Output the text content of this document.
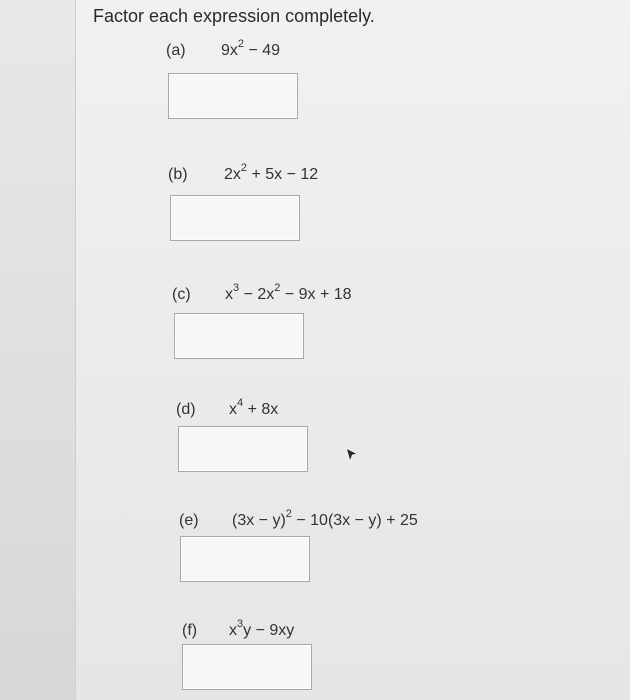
Factor each expression completely.
(a) $9x^2 - 49$
(b) $2x^2 + 5x - 12$
(c) $x^3 - 2x^2 - 9x + 18$
(d) $x^4 + 8x$
(e) $(3x - y)^2 - 10(3x - y) + 25$
(f) $x^3y - 9xy$
